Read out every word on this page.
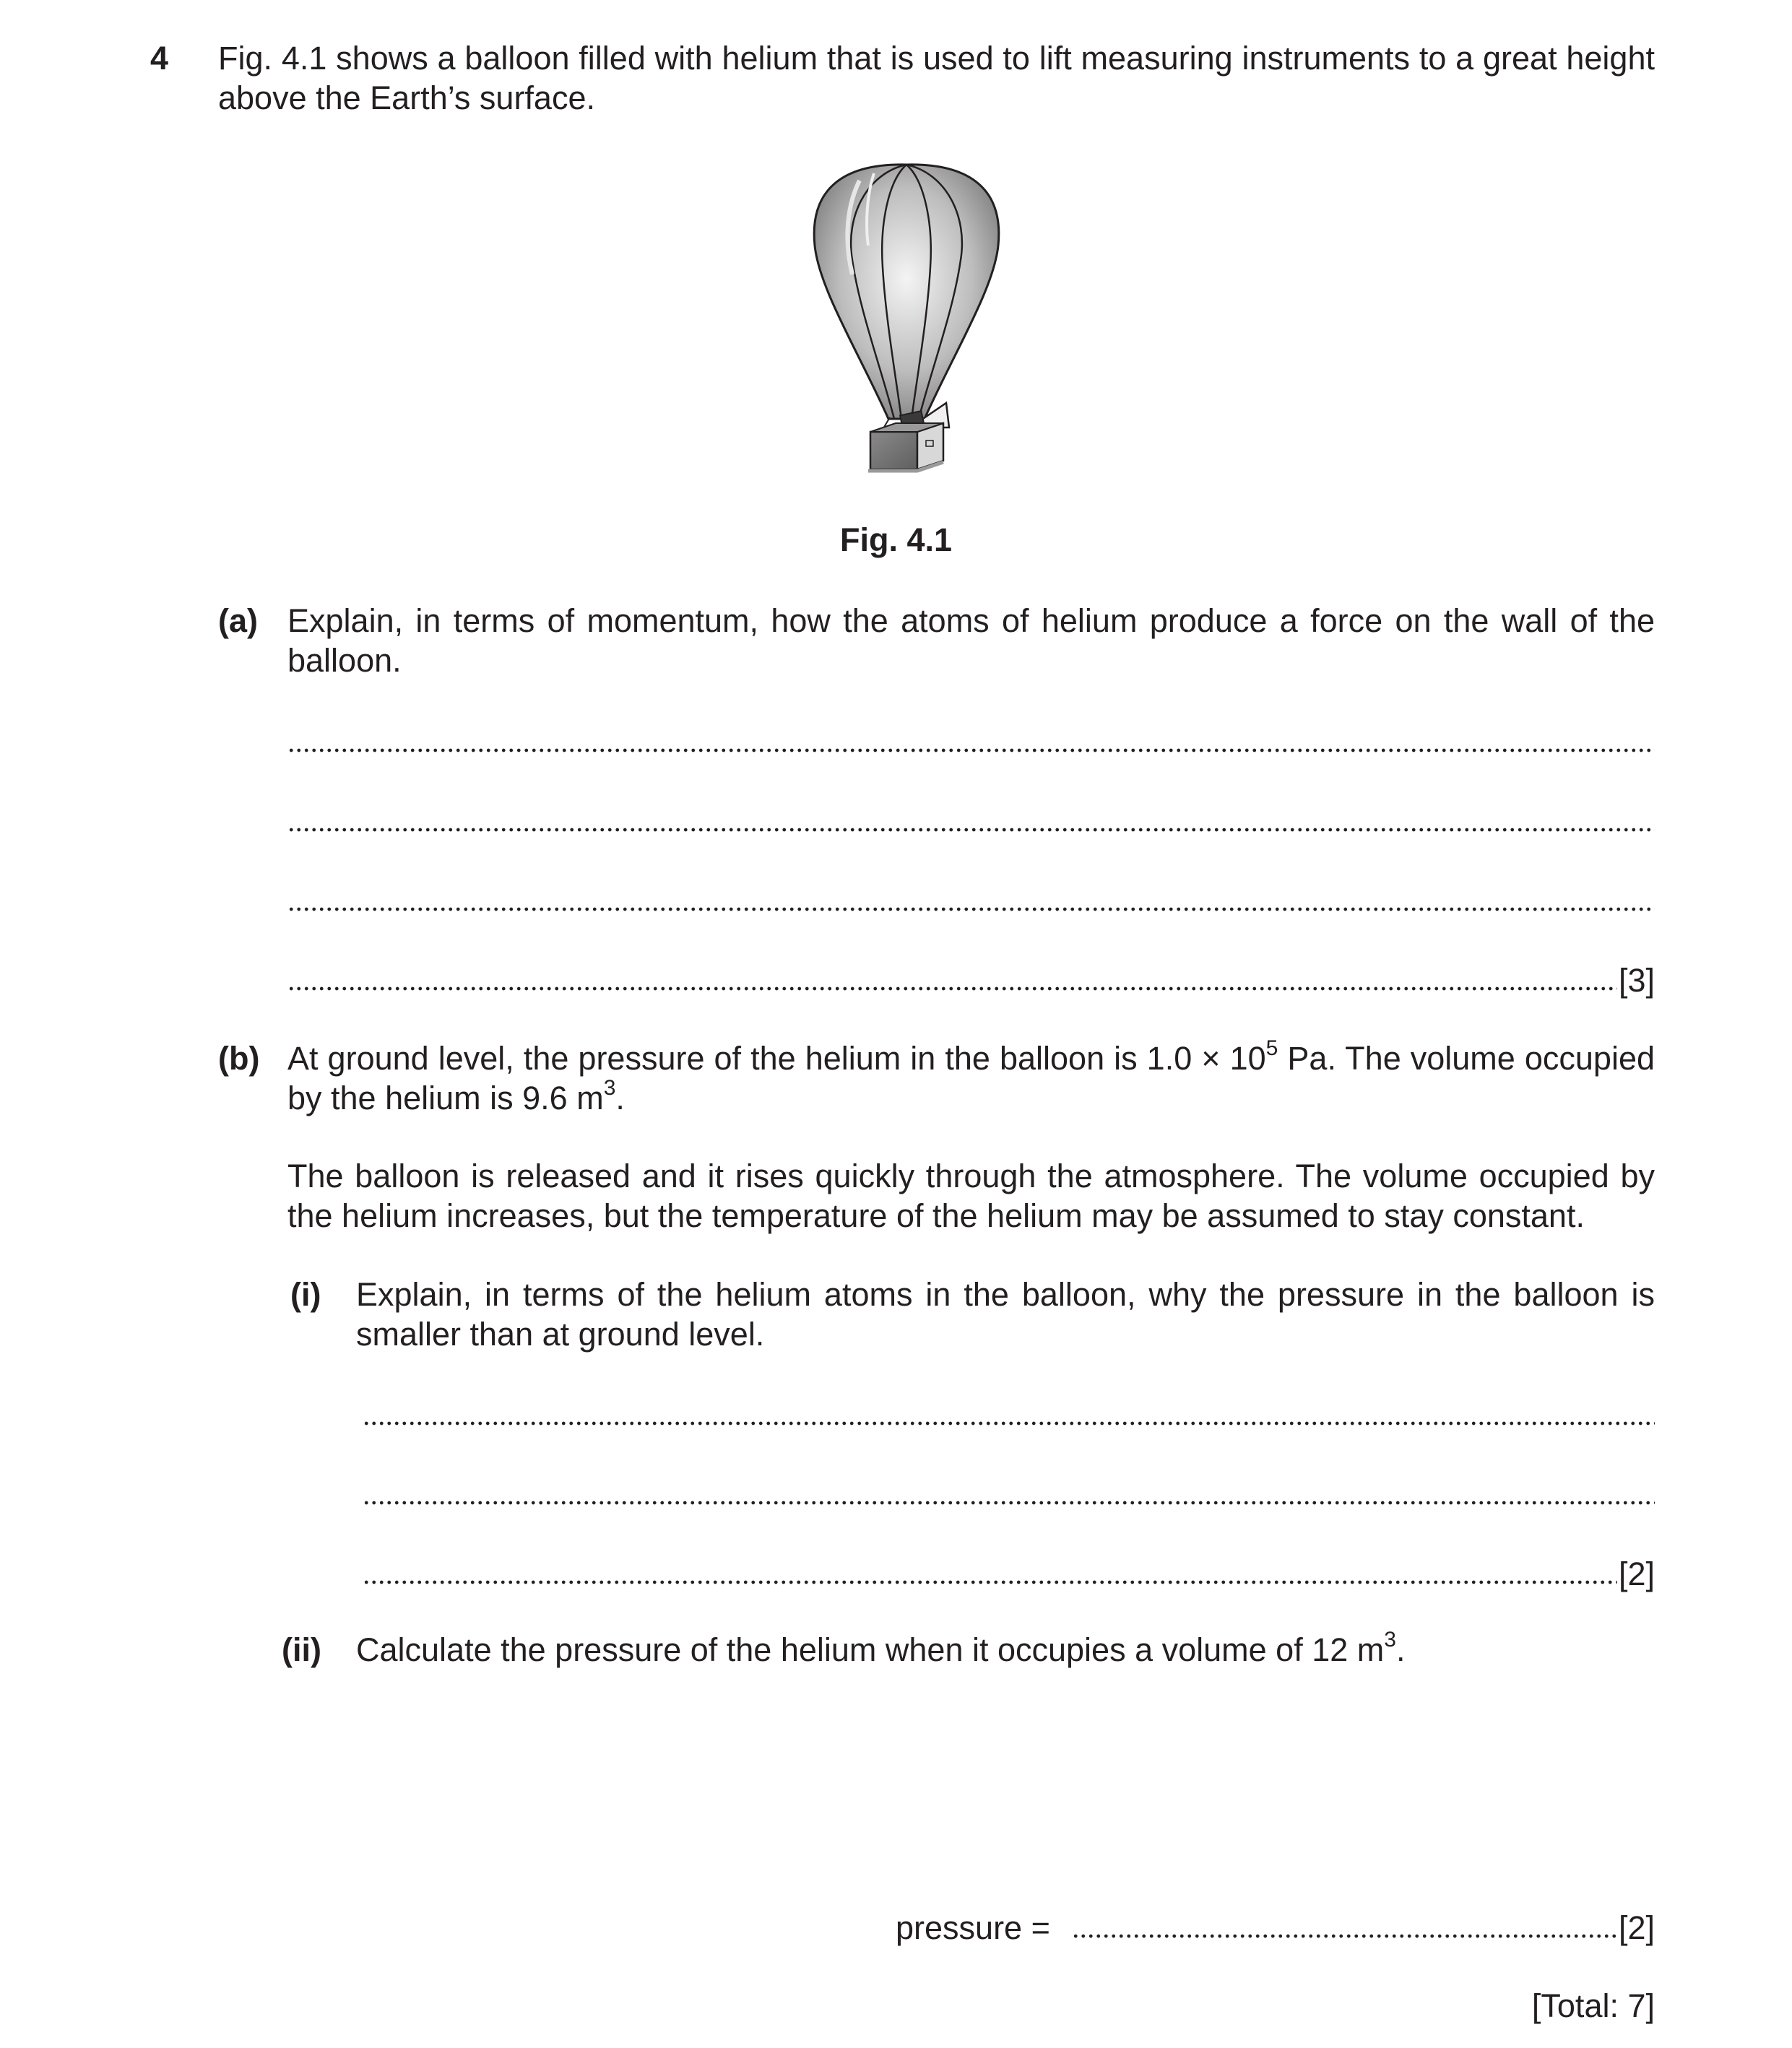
4 Fig. 4.1 shows a balloon filled with helium that is used to lift measuring instruments to a great height above the Earth’s surface.
Fig. 4.1
(a) Explain, in terms of momentum, how the atoms of helium produce a force on the wall of the balloon.
[3]
(b) At ground level, the pressure of the helium in the balloon is $1.0 \times 10^5$ Pa. The volume occupied by the helium is 9.6 $m^3$.
The balloon is released and it rises quickly through the atmosphere. The volume occupied by the helium increases, but the temperature of the helium may be assumed to stay constant.
(i) Explain, in terms of the helium atoms in the balloon, why the pressure in the balloon is smaller than at ground level.
[2]
(ii) Calculate the pressure of the helium when it occupies a volume of 12 $m^3$.
pressure =	[2]
[Total: 7]
